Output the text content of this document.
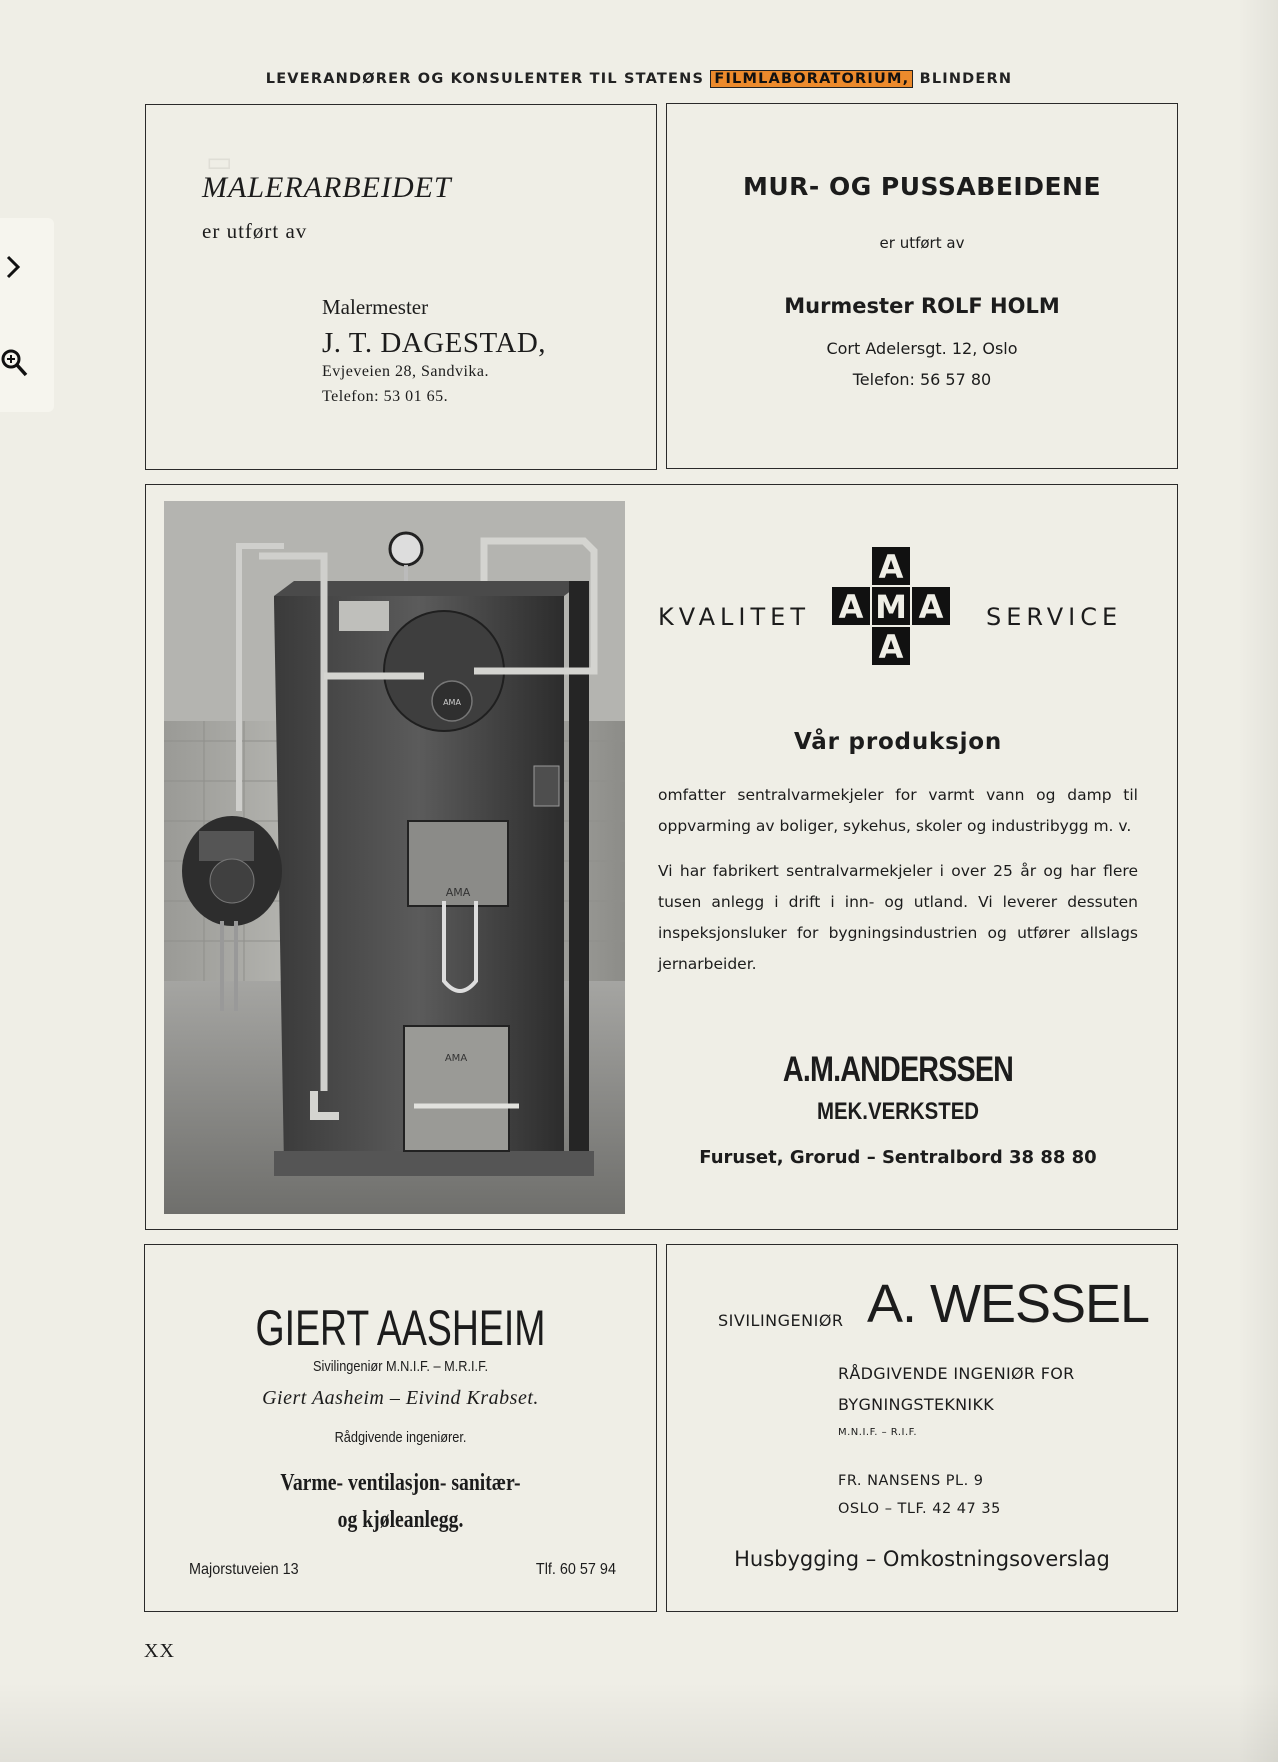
LEVERANDØRER OG KONSULENTER TIL STATENS FILMLABORATORIUM, BLINDERN
▭
MALERARBEIDET
er utført av
Malermester
J. T. DAGESTAD,
Evjeveien 28, Sandvika.
Telefon: 53 01 65.
MUR- OG PUSSABEIDENE
er utført av
Murmester ROLF HOLM
Cort Adelersgt. 12, Oslo
Telefon: 56 57 80
AMA
AMA
AMA
KVALITET	SERVICE
A
A M A
A
Vår produksjon
omfatter sentralvarmekjeler for varmt vann og damp til oppvarming av boliger, sykehus, skoler og industribygg m. v.
Vi har fabrikert sentralvarmekjeler i over 25 år og har flere tusen anlegg i drift i inn- og utland. Vi leverer dessuten inspeksjonsluker for bygningsindustrien og utfører allslags jernarbeider.
A.M.ANDERSSEN
MEK.VERKSTED
Furuset, Grorud – Sentralbord 38 88 80
GIERT AASHEIM
Sivilingeniør M.N.I.F. – M.R.I.F.
Giert Aasheim – Eivind Krabset.
Rådgivende ingeniører.
Varme- ventilasjon- sanitær-
og kjøleanlegg.
Majorstuveien 13	Tlf. 60 57 94
SIVILINGENIØR A. WESSEL
RÅDGIVENDE INGENIØR FOR
BYGNINGSTEKNIKK
M.N.I.F. – R.I.F.
FR. NANSENS PL. 9
OSLO – TLF. 42 47 35
Husbygging – Omkostningsoverslag
XX
